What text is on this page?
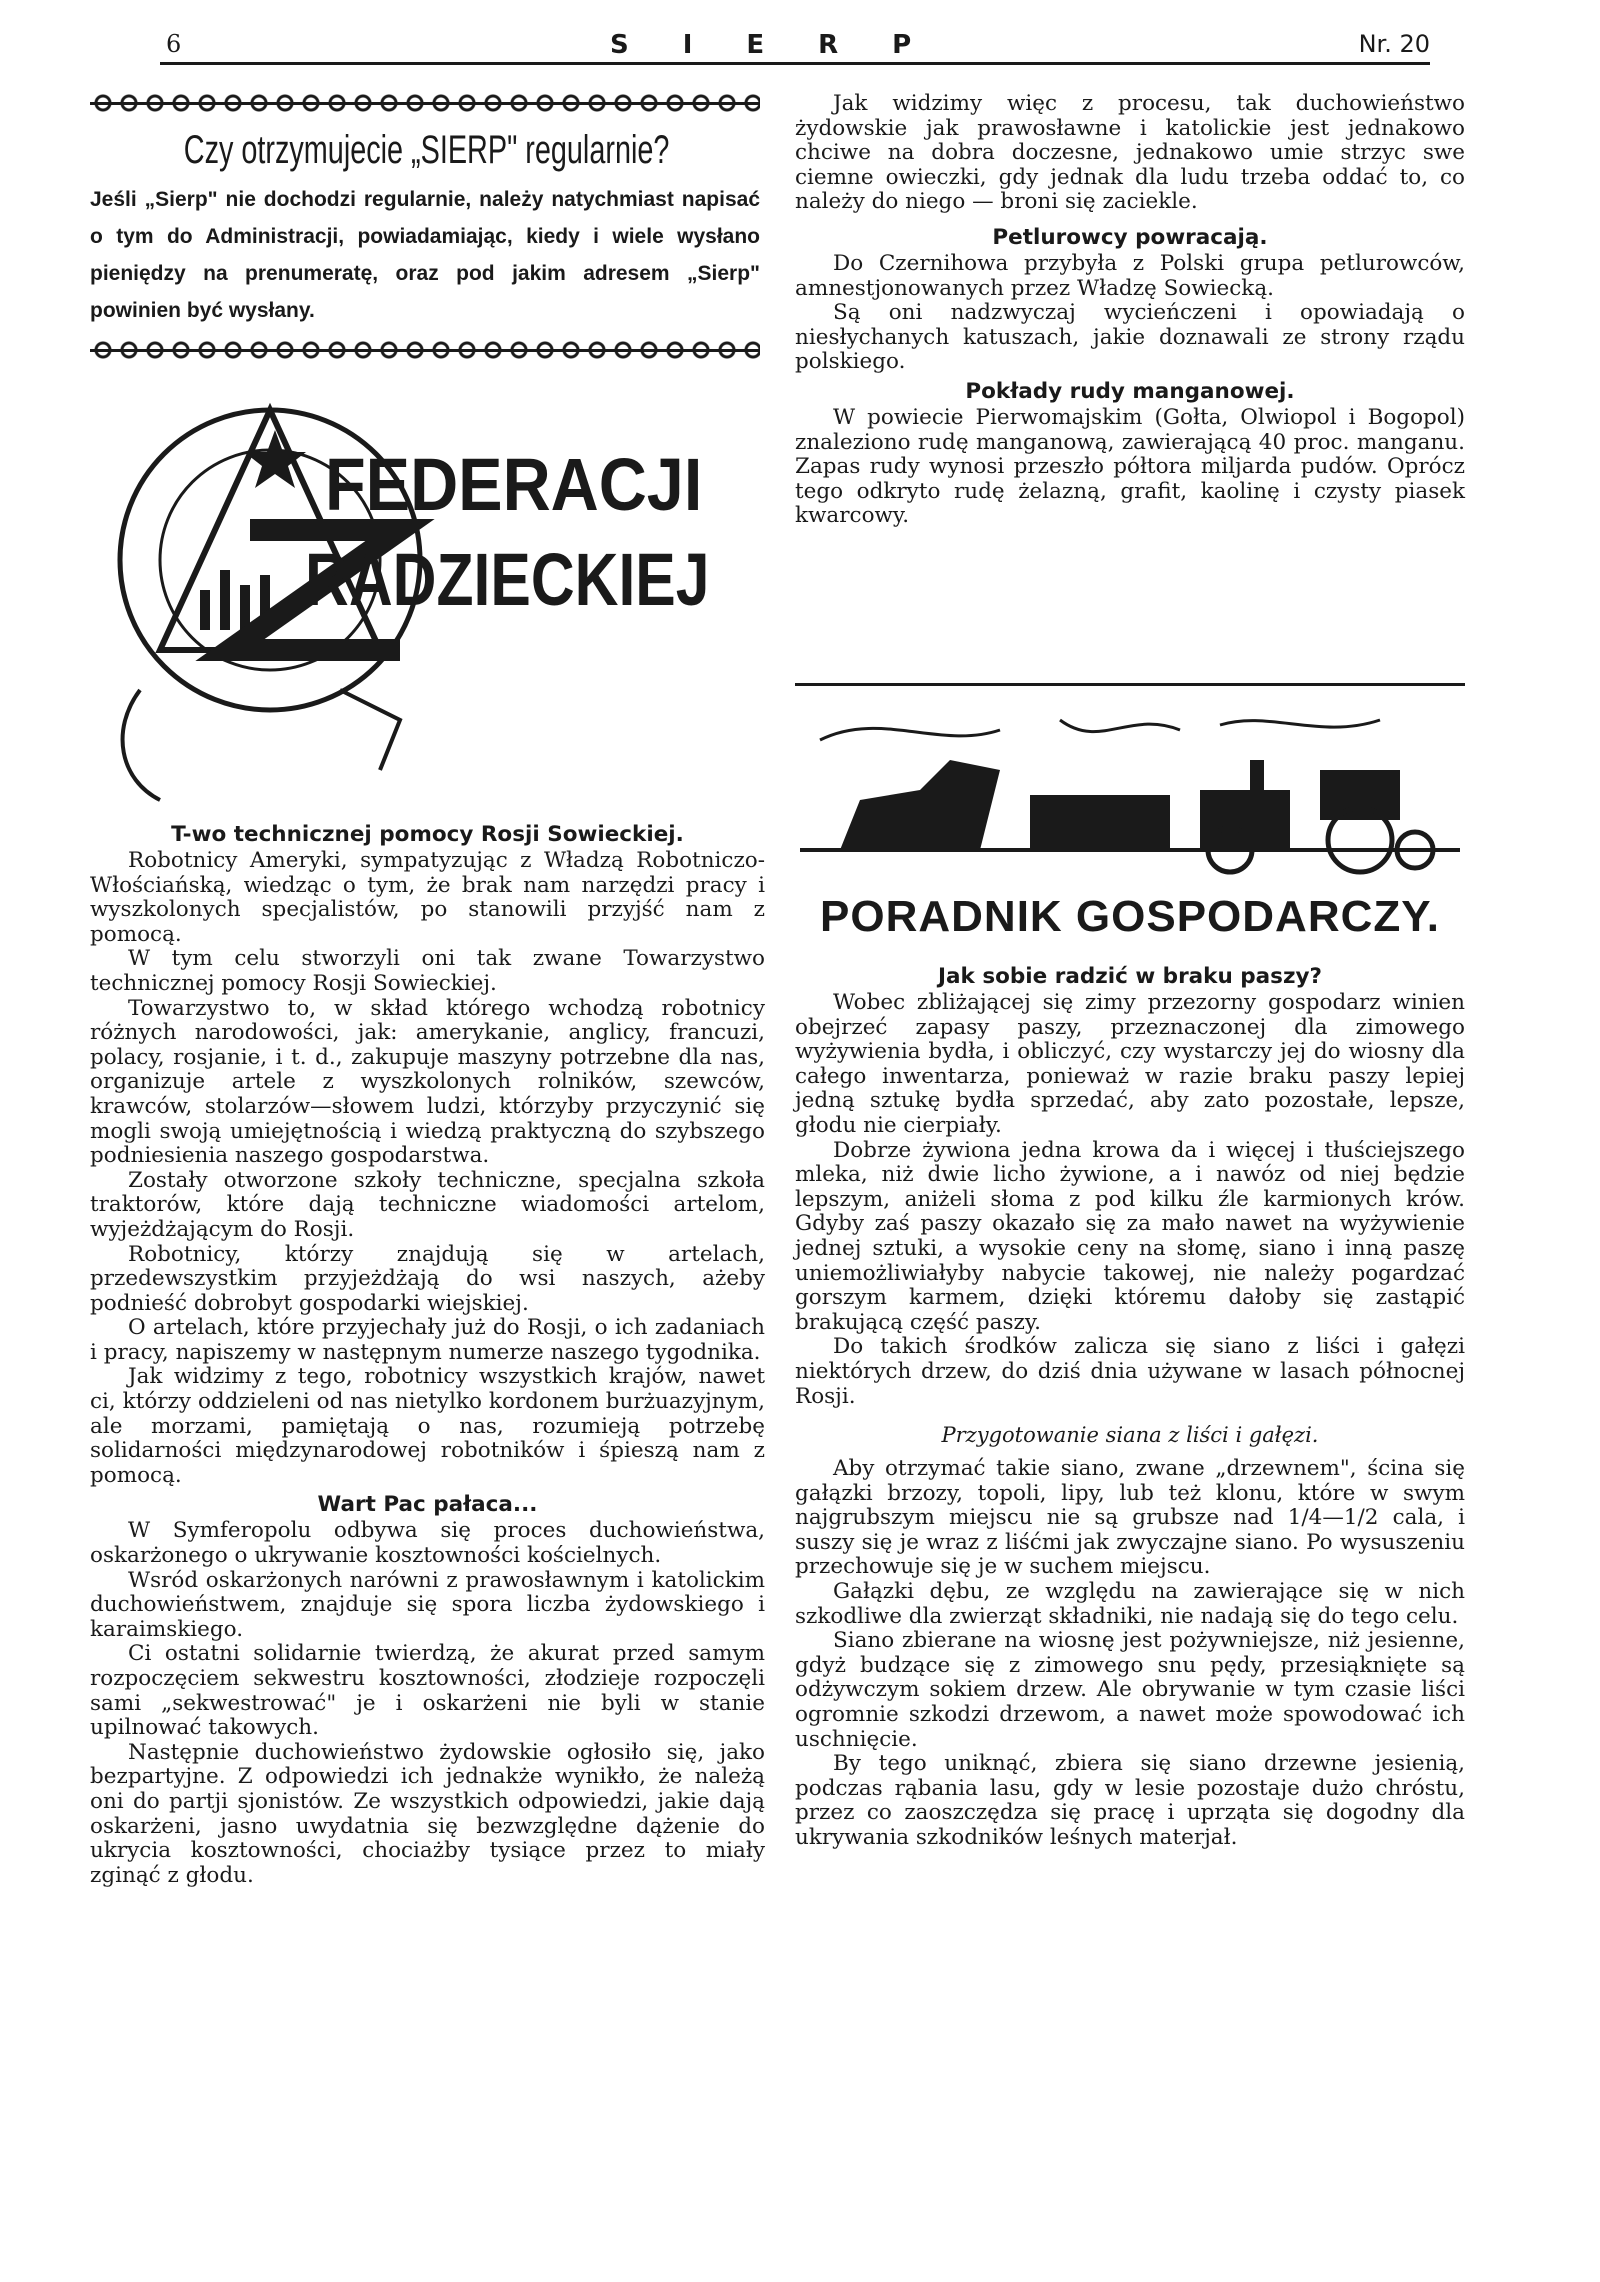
6	SIERP	Nr. 20
Czy otrzymujecie „SIERP" regularnie?
Jeśli „Sierp" nie dochodzi regularnie, należy natychmiast napisać o tym do Administracji, powiadamiając, kiedy i wiele wysłano pieniędzy na prenumeratę, oraz pod jakim adresem „Sierp" powinien być wysłany.
FEDERACJI
RADZIECKIEJ
T-wo technicznej pomocy Rosji Sowieckiej.

Robotnicy Ameryki, sympatyzując z Władzą Robotniczo-Włościańską, wiedząc o tym, że brak nam narzędzi pracy i wyszkolonych specjalistów, po stanowili przyjść nam z pomocą.

W tym celu stworzyli oni tak zwane Towarzystwo technicznej pomocy Rosji Sowieckiej.

Towarzystwo to, w skład którego wchodzą robotnicy różnych narodowości, jak: amerykanie, anglicy, francuzi, polacy, rosjanie, i t. d., zakupuje maszyny potrzebne dla nas, organizuje artele z wyszkolonych rolników, szewców, krawców, stolarzów—słowem ludzi, którzyby przyczynić się mogli swoją umiejętnością i wiedzą praktyczną do szybszego podniesienia naszego gospodarstwa.

Zostały otworzone szkoły techniczne, specjalna szkoła traktorów, które dają techniczne wiadomości artelom, wyjeżdżającym do Rosji.

Robotnicy, którzy znajdują się w artelach, przedewszystkim przyjeżdżają do wsi naszych, ażeby podnieść dobrobyt gospodarki wiejskiej.

O artelach, które przyjechały już do Rosji, o ich zadaniach i pracy, napiszemy w następnym numerze naszego tygodnika.

Jak widzimy z tego, robotnicy wszystkich krajów, nawet ci, którzy oddzieleni od nas nietylko kordonem burżuazyjnym, ale morzami, pamiętają o nas, rozumieją potrzebę solidarności międzynarodowej robotników i śpieszą nam z pomocą.

Wart Pac pałaca...

W Symferopolu odbywa się proces duchowieństwa, oskarżonego o ukrywanie kosztowności kościelnych.

Wsród oskarżonych narówni z prawosławnym i katolickim duchowieństwem, znajduje się spora liczba żydowskiego i karaimskiego.

Ci ostatni solidarnie twierdzą, że akurat przed samym rozpoczęciem sekwestru kosztowności, złodzieje rozpoczęli sami „sekwestrować" je i oskarżeni nie byli w stanie upilnować takowych.

Następnie duchowieństwo żydowskie ogłosiło się, jako bezpartyjne. Z odpowiedzi ich jednakże wynikło, że należą oni do partji sjonistów. Ze wszystkich odpowiedzi, jakie dają oskarżeni, jasno uwydatnia się bezwzględne dążenie do ukrycia kosztowności, chociażby tysiące przez to miały zginąć z głodu.

Jak widzimy więc z procesu, tak duchowieństwo żydowskie jak prawosławne i katolickie jest jednakowo chciwe na dobra doczesne, jednakowo umie strzyc swe ciemne owieczki, gdy jednak dla ludu trzeba oddać to, co należy do niego — broni się zaciekle.

Petlurowcy powracają.

Do Czernihowa przybyła z Polski grupa petlurowców, amnestjonowanych przez Władzę Sowiecką.

Są oni nadzwyczaj wycieńczeni i opowiadają o niesłychanych katuszach, jakie doznawali ze strony rządu polskiego.

Pokłady rudy manganowej.

W powiecie Pierwomajskim (Gołta, Olwiopol i Bogopol) znaleziono rudę manganową, zawierającą 40 proc. manganu. Zapas rudy wynosi przeszło półtora miljarda pudów. Oprócz tego odkryto rudę żelazną, grafit, kaolinę i czysty piasek kwarcowy.

PORADNIK GOSPODARCZY.
Jak sobie radzić w braku paszy?

Wobec zbliżającej się zimy przezorny gospodarz winien obejrzeć zapasy paszy, przeznaczonej dla zimowego wyżywienia bydła, i obliczyć, czy wystarczy jej do wiosny dla całego inwentarza, ponieważ w razie braku paszy lepiej jedną sztukę bydła sprzedać, aby zato pozostałe, lepsze, głodu nie cierpiały.

Dobrze żywiona jedna krowa da i więcej i tłuściejszego mleka, niż dwie licho żywione, a i nawóz od niej będzie lepszym, aniżeli słoma z pod kilku źle karmionych krów. Gdyby zaś paszy okazało się za mało nawet na wyżywienie jednej sztuki, a wysokie ceny na słomę, siano i inną paszę uniemożliwiałyby nabycie takowej, nie należy pogardzać gorszym karmem, dzięki któremu dałoby się zastąpić brakującą część paszy.

Do takich środków zalicza się siano z liści i gałęzi niektórych drzew, do dziś dnia używane w lasach północnej Rosji.

Przygotowanie siana z liści i gałęzi.

Aby otrzymać takie siano, zwane „drzewnem", ścina się gałązki brzozy, topoli, lipy, lub też klonu, które w swym najgrubszym miejscu nie są grubsze nad 1/4—1/2 cala, i suszy się je wraz z liśćmi jak zwyczajne siano. Po wysuszeniu przechowuje się je w suchem miejscu.

Gałązki dębu, ze względu na zawierające się w nich szkodliwe dla zwierząt składniki, nie nadają się do tego celu.

Siano zbierane na wiosnę jest pożywniejsze, niż jesienne, gdyż budzące się z zimowego snu pędy, przesiąknięte są odżywczym sokiem drzew. Ale obrywanie w tym czasie liści ogromnie szkodzi drzewom, a nawet może spowodować ich uschnięcie.

By tego uniknąć, zbiera się siano drzewne jesienią, podczas rąbania lasu, gdy w lesie pozostaje dużo chróstu, przez co zaoszczędza się pracę i uprząta się dogodny dla ukrywania szkodników leśnych materjał.
